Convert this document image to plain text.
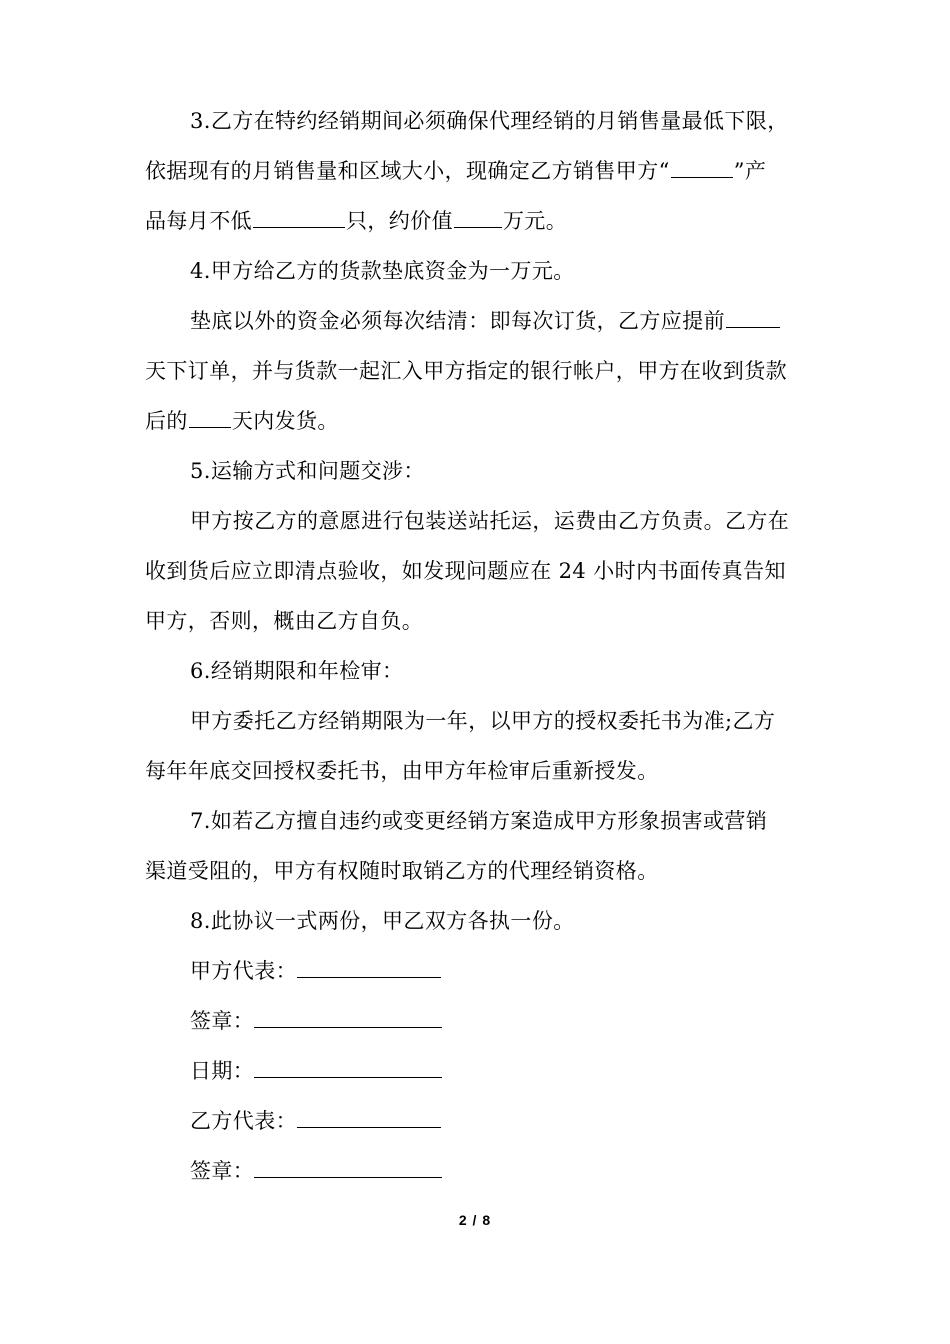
3.乙方在特约经销期间必须确保代理经销的月销售量最低下限，
依据现有的月销售量和区域大小，现确定乙方销售甲方“	”产
品每月不低	只，约价值 万元。
4.甲方给乙方的货款垫底资金为一万元。
垫底以外的资金必须每次结清：即每次订货，乙方应提前
天下订单，并与货款一起汇入甲方指定的银行帐户，甲方在收到货款
后的 天内发货。
5.运输方式和问题交涉：
甲方按乙方的意愿进行包装送站托运，运费由乙方负责。乙方在
收到货后应立即清点验收，如发现问题应在 24 小时内书面传真告知
甲方，否则，概由乙方自负。
6.经销期限和年检审：
甲方委托乙方经销期限为一年，以甲方的授权委托书为准;乙方
每年年底交回授权委托书，由甲方年检审后重新授发。
7.如若乙方擅自违约或变更经销方案造成甲方形象损害或营销
渠道受阻的，甲方有权随时取销乙方的代理经销资格。
8.此协议一式两份，甲乙双方各执一份。
甲方代表：
签章：
日期：
乙方代表：
签章：
2 / 8
